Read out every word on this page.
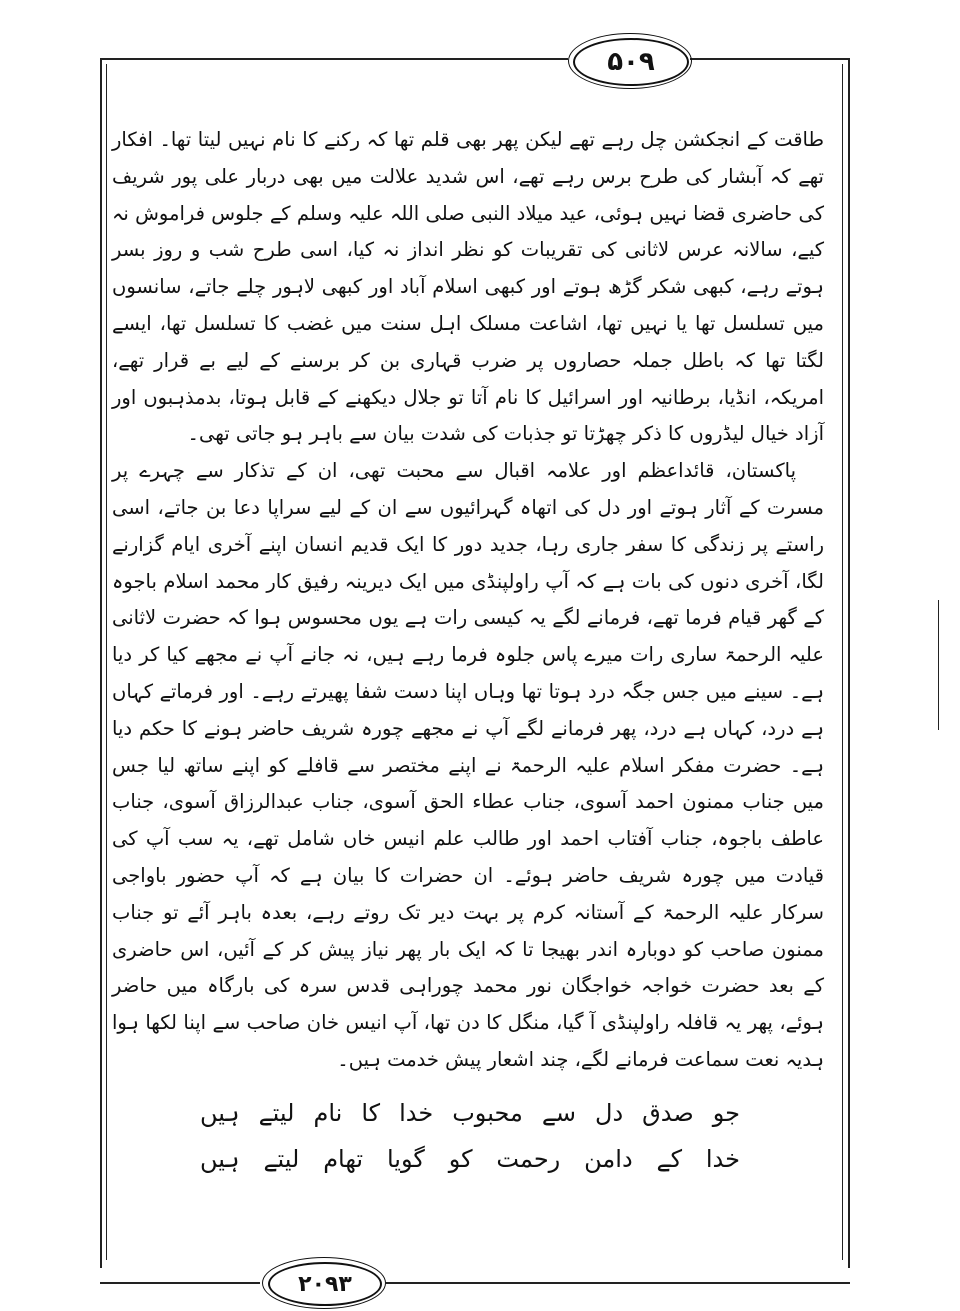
۵۰۹
۲۰۹۳

طاقت کے انجکشن چل رہے تھے لیکن پھر بھی قلم تھا کہ رکنے کا نام نہیں لیتا تھا۔ افکار تھے کہ آبشار کی طرح برس رہے تھے، اس شدید علالت میں بھی دربار علی پور شریف کی حاضری قضا نہیں ہوئی، عید میلاد النبی صلی اللہ علیہ وسلم کے جلوس فراموش نہ کیے، سالانہ عرس لاثانی کی تقریبات کو نظر انداز نہ کیا، اسی طرح شب و روز بسر ہوتے رہے، کبھی شکر گڑھ ہوتے اور کبھی اسلام آباد اور کبھی لاہور چلے جاتے، سانسوں میں تسلسل تھا یا نہیں تھا، اشاعت مسلک اہل سنت میں غضب کا تسلسل تھا، ایسے لگتا تھا کہ باطل جملہ حصاروں پر ضرب قہاری بن کر برسنے کے لیے بے قرار تھے، امریکہ، انڈیا، برطانیہ اور اسرائیل کا نام آتا تو جلال دیکھنے کے قابل ہوتا، بدمذہبوں اور آزاد خیال لیڈروں کا ذکر چھڑتا تو جذبات کی شدت بیان سے باہر ہو جاتی تھی۔

پاکستان، قائداعظم اور علامہ اقبال سے محبت تھی، ان کے تذکار سے چہرے پر مسرت کے آثار ہوتے اور دل کی اتھاہ گہرائیوں سے ان کے لیے سراپا دعا بن جاتے، اسی راستے پر زندگی کا سفر جاری رہا، جدید دور کا ایک قدیم انسان اپنے آخری ایام گزارنے لگا، آخری دنوں کی بات ہے کہ آپ راولپنڈی میں ایک دیرینہ رفیق کار محمد اسلام باجوہ کے گھر قیام فرما تھے، فرمانے لگے یہ کیسی رات ہے یوں محسوس ہوا کہ حضرت لاثانی علیہ الرحمۃ ساری رات میرے پاس جلوہ فرما رہے ہیں، نہ جانے آپ نے مجھے کیا کر دیا ہے۔ سینے میں جس جگہ درد ہوتا تھا وہاں اپنا دست شفا پھیرتے رہے۔ اور فرماتے کہاں ہے درد، کہاں ہے درد، پھر فرمانے لگے آپ نے مجھے چورہ شریف حاضر ہونے کا حکم دیا ہے۔ حضرت مفکر اسلام علیہ الرحمۃ نے اپنے مختصر سے قافلے کو اپنے ساتھ لیا جس میں جناب ممنون احمد آسوی، جناب عطاء الحق آسوی، جناب عبدالرزاق آسوی، جناب عاطف باجوہ، جناب آفتاب احمد اور طالب علم انیس خاں شامل تھے، یہ سب آپ کی قیادت میں چورہ شریف حاضر ہوئے۔ ان حضرات کا بیان ہے کہ آپ حضور باواجی سرکار علیہ الرحمۃ کے آستانہ کرم پر بہت دیر تک روتے رہے، بعدہ باہر آئے تو جناب ممنون صاحب کو دوبارہ اندر بھیجا تا کہ ایک بار پھر نیاز پیش کر کے آئیں، اس حاضری کے بعد حضرت خواجہ خواجگان نور محمد چوراہی قدس سرہ کی بارگاہ میں حاضر ہوئے، پھر یہ قافلہ راولپنڈی آ گیا، منگل کا دن تھا، آپ انیس خان صاحب سے اپنا لکھا ہوا ہدیہ نعت سماعت فرمانے لگے، چند اشعار پیش خدمت ہیں۔

جو صدق دل سے محبوب خدا کا نام لیتے ہیں
خدا کے دامن رحمت کو گویا تھام لیتے ہیں
